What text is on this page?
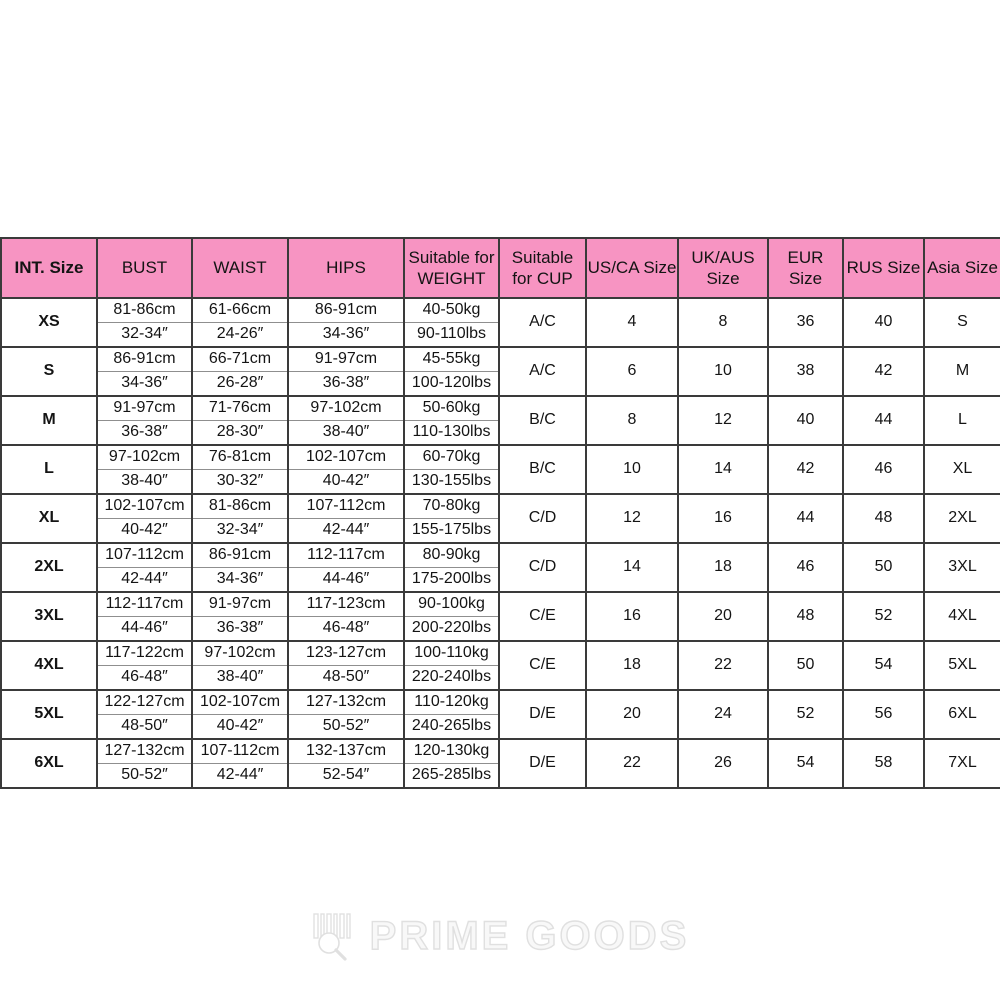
INT. Size	BUST	WAIST	HIPS	Suitable for WEIGHT	Suitable for CUP	US/CA Size	UK/AUS Size	EUR Size	RUS Size	Asia Size
XS	81-86cm	61-66cm	86-91cm	40-50kg	A/C	4	8	36	40	S
	32-34″	24-26″	34-36″	90-110lbs						
S	86-91cm	66-71cm	91-97cm	45-55kg	A/C	6	10	38	42	M
	34-36″	26-28″	36-38″	100-120lbs						
M	91-97cm	71-76cm	97-102cm	50-60kg	B/C	8	12	40	44	L
	36-38″	28-30″	38-40″	110-130lbs						
L	97-102cm	76-81cm	102-107cm	60-70kg	B/C	10	14	42	46	XL
	38-40″	30-32″	40-42″	130-155lbs						
XL	102-107cm	81-86cm	107-112cm	70-80kg	C/D	12	16	44	48	2XL
	40-42″	32-34″	42-44″	155-175lbs						
2XL	107-112cm	86-91cm	112-117cm	80-90kg	C/D	14	18	46	50	3XL
	42-44″	34-36″	44-46″	175-200lbs						
3XL	112-117cm	91-97cm	117-123cm	90-100kg	C/E	16	20	48	52	4XL
	44-46″	36-38″	46-48″	200-220lbs						
4XL	117-122cm	97-102cm	123-127cm	100-110kg	C/E	18	22	50	54	5XL
	46-48″	38-40″	48-50″	220-240lbs						
5XL	122-127cm	102-107cm	127-132cm	110-120kg	D/E	20	24	52	56	6XL
	48-50″	40-42″	50-52″	240-265lbs						
6XL	127-132cm	107-112cm	132-137cm	120-130kg	D/E	22	26	54	58	7XL
	50-52″	42-44″	52-54″	265-285lbs						
PRIME GOODS
